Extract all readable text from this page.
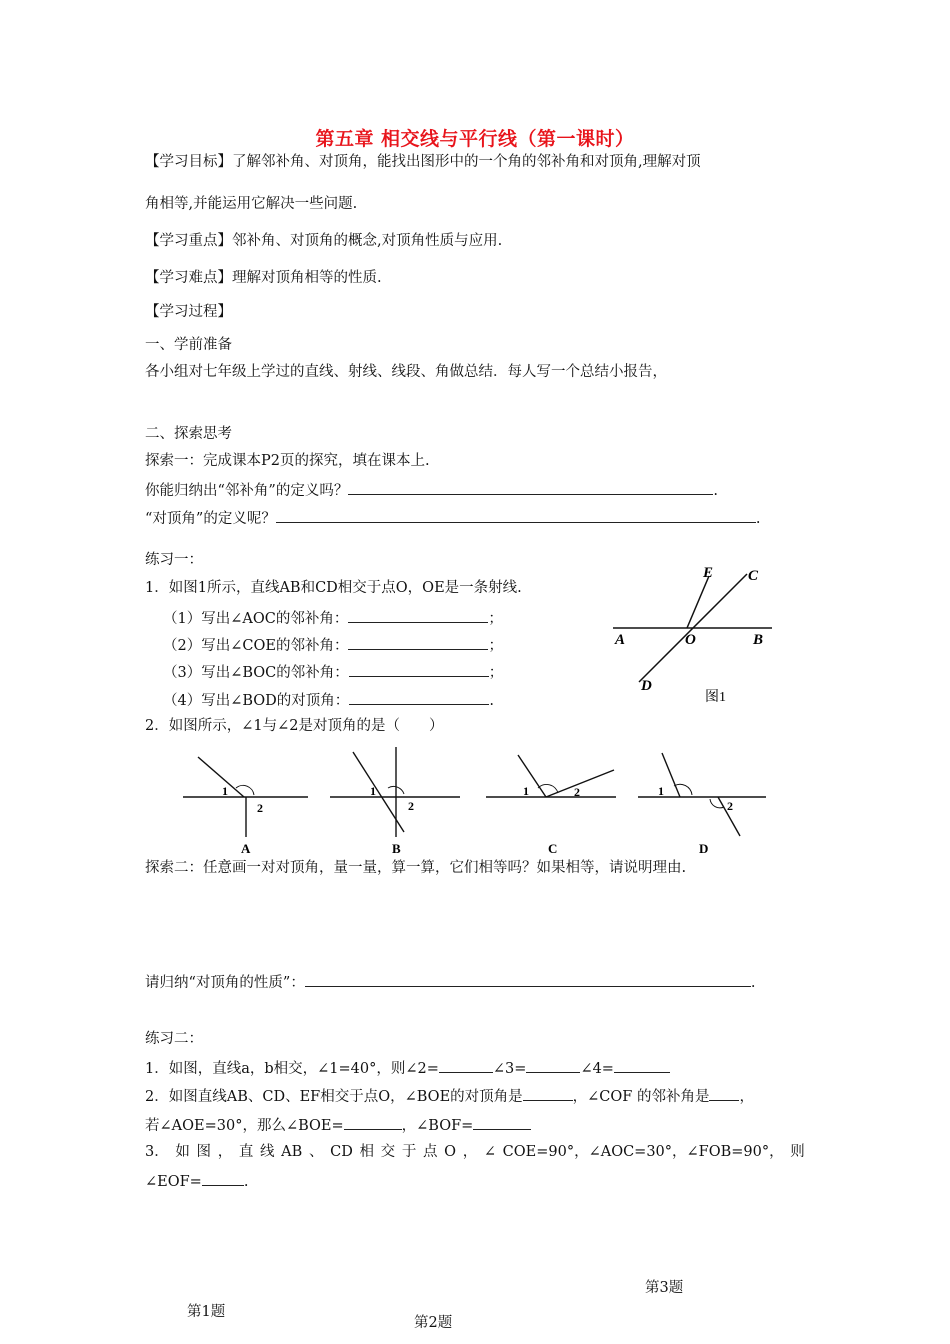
第五章 相交线与平行线（第一课时）
【学习目标】了解邻补角、对顶角，能找出图形中的一个角的邻补角和对顶角,理解对顶
角相等,并能运用它解决一些问题.
【学习重点】邻补角、对顶角的概念,对顶角性质与应用.
【学习难点】理解对顶角相等的性质.
【学习过程】
一、学前准备
各小组对七年级上学过的直线、射线、线段、角做总结．每人写一个总结小报告，
二、探索思考
探索一：完成课本P2页的探究，填在课本上.
你能归纳出“邻补角”的定义吗？	.
“对顶角”的定义呢？	.
练习一：
1．如图1所示，直线AB和CD相交于点O，OE是一条射线.
（1）写出∠AOC的邻补角：	；
（2）写出∠COE的邻补角：	；
（3）写出∠BOC的邻补角：	；
（4）写出∠BOD的对顶角：	.
2．如图所示，∠1与∠2是对顶角的是（　　）
E C
A	O	B
D
图1
1
2
A
1
2
B
1	2
C
1
2
D
探索二：任意画一对对顶角，量一量，算一算，它们相等吗？如果相等，请说明理由.
请归纳“对顶角的性质”：	.
练习二：
1．如图，直线a，b相交，∠1=40°，则∠2=	∠3=	∠4=
2．如图直线AB、CD、EF相交于点O，∠BOE的对顶角是	，∠COF 的邻补角是 ，
若∠AOE=30°，那么∠BOE=	，∠BOF=
3． 如 图 ， 直 线 AB 、 CD 相 交 于 点 O ， ∠ COE=90°，∠AOC=30°，∠FOB=90°， 则
∠EOF=	.
第3题
第1题
第2题
